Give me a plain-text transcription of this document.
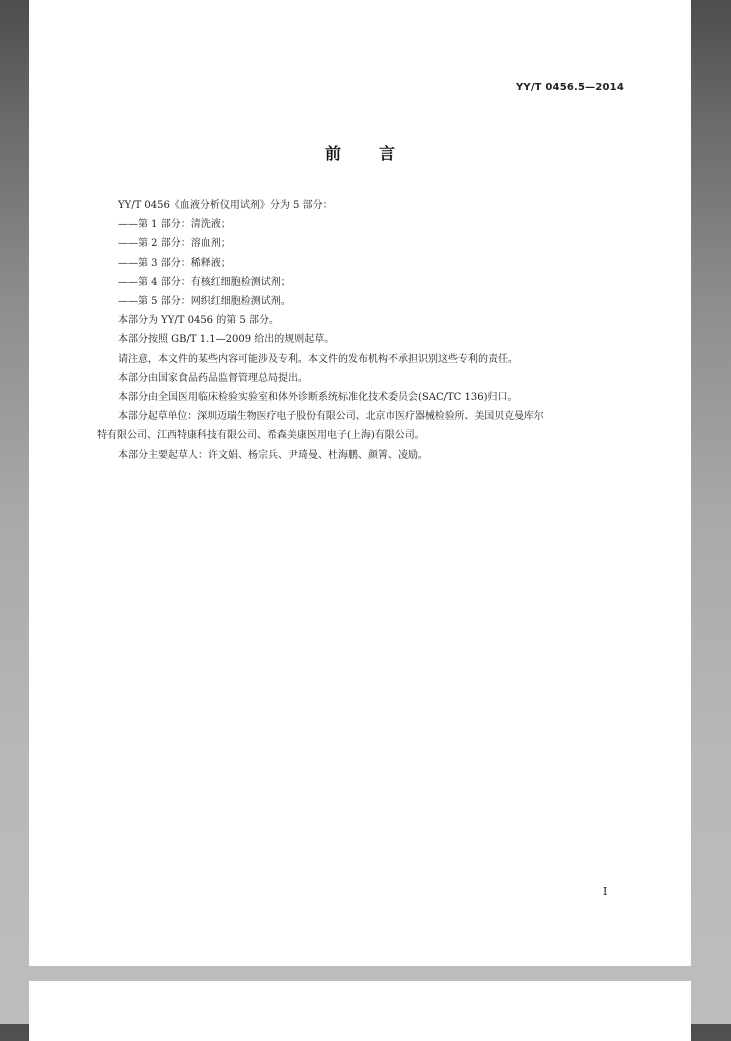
YY/T 0456.5—2014
前言

YY/T 0456《血液分析仪用试剂》分为 5 部分：

——第 1 部分：清洗液；

——第 2 部分：溶血剂；

——第 3 部分：稀释液；

——第 4 部分：有核红细胞检测试剂；

——第 5 部分：网织红细胞检测试剂。

本部分为 YY/T 0456 的第 5 部分。

本部分按照 GB/T 1.1—2009 给出的规则起草。

请注意，本文件的某些内容可能涉及专利。本文件的发布机构不承担识别这些专利的责任。

本部分由国家食品药品监督管理总局提出。

本部分由全国医用临床检验实验室和体外诊断系统标准化技术委员会(SAC/TC 136)归口。

本部分起草单位：深圳迈瑞生物医疗电子股份有限公司、北京市医疗器械检验所、美国贝克曼库尔

特有限公司、江西特康科技有限公司、希森美康医用电子(上海)有限公司。

本部分主要起草人：许文娟、杨宗兵、尹琦曼、杜海鹏、颜箐、凌励。

I
